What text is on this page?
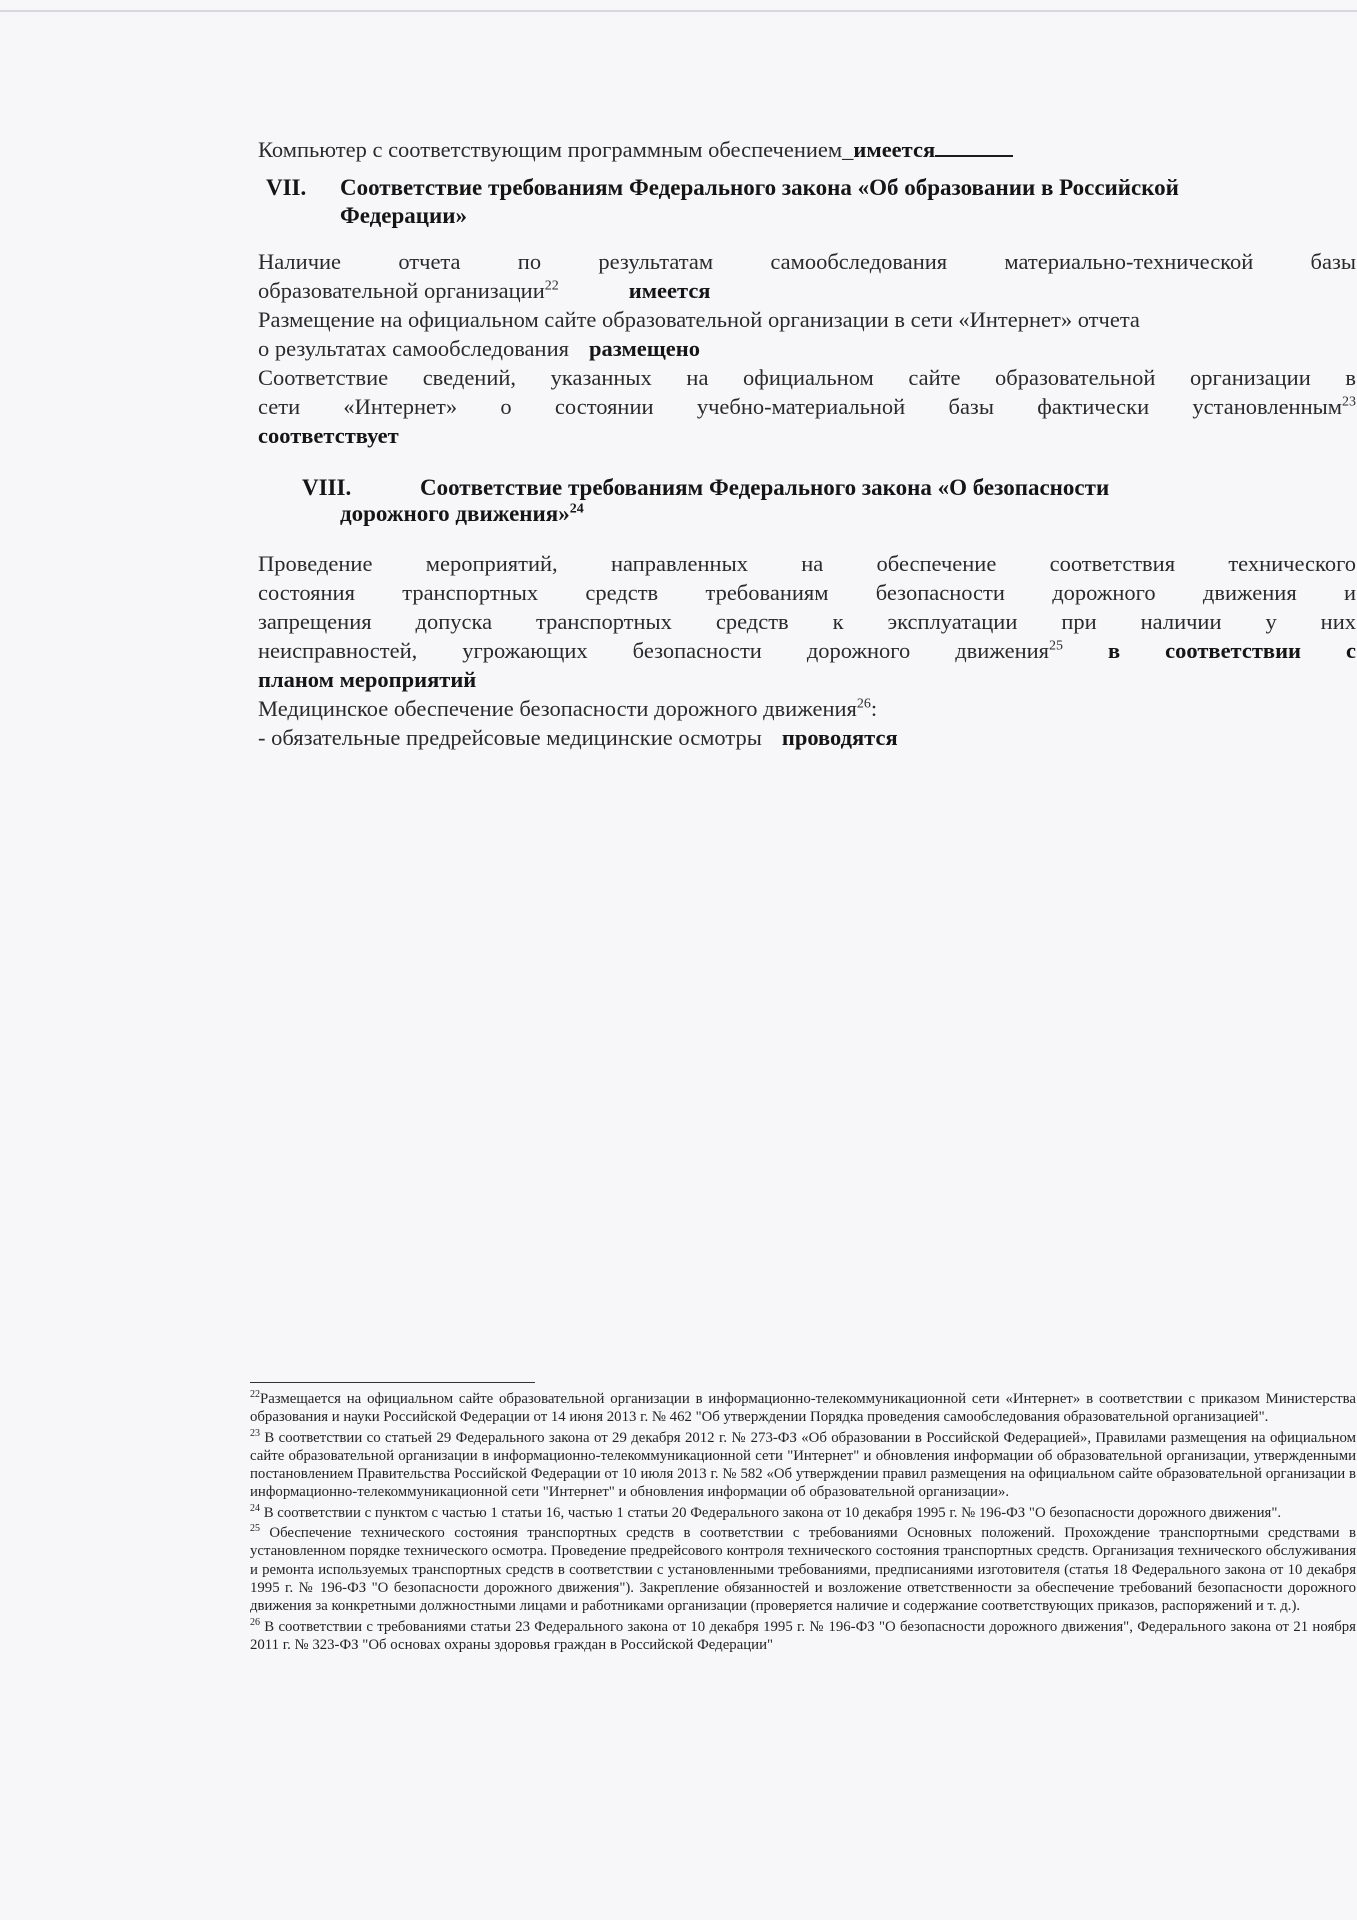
Компьютер с соответствующим программным обеспечением_имеется
VII. Соответствие требованиям Федерального закона «Об образовании в Российской
Федерации»
Наличие отчета по результатам самообследования материально-технической базы
образовательной организации$^{22}$	имеется
Размещение на официальном сайте образовательной организации в сети «Интернет» отчета
о результатах самообследования размещено
Соответствие сведений, указанных на официальном сайте образовательной организации в
сети «Интернет» о состоянии учебно-материальной базы фактически установленным$^{23}$
соответствует
VIII.	Соответствие требованиям Федерального закона «О безопасности
дорожного движения»$^{24}$
Проведение мероприятий, направленных на обеспечение соответствия технического
состояния транспортных средств требованиям безопасности дорожного движения и
запрещения допуска транспортных средств к эксплуатации при наличии у них
неисправностей, угрожающих безопасности дорожного движения$^{25}$ в соответствии с
планом мероприятий
Медицинское обеспечение безопасности дорожного движения$^{26}$:
- обязательные предрейсовые медицинские осмотры проводятся

$^{22}$Размещается на официальном сайте образовательной организации в информационно-телекоммуникационной сети «Интернет» в соответствии с приказом Министерства образования и науки Российской Федерации от 14 июня 2013 г. № 462 "Об утверждении Порядка проведения самообследования образовательной организацией".

$^{23}$ В соответствии со статьей 29 Федерального закона от 29 декабря 2012 г. № 273-ФЗ «Об образовании в Российской Федерацией», Правилами размещения на официальном сайте образовательной организации в информационно-телекоммуникационной сети "Интернет" и обновления информации об образовательной организации, утвержденными постановлением Правительства Российской Федерации от 10 июля 2013 г. № 582 «Об утверждении правил размещения на официальном сайте образовательной организации в информационно-телекоммуникационной сети "Интернет" и обновления информации об образовательной организации».

$^{24}$ В соответствии с пунктом с частью 1 статьи 16, частью 1 статьи 20 Федерального закона от 10 декабря 1995 г. № 196-ФЗ "О безопасности дорожного движения".

$^{25}$ Обеспечение технического состояния транспортных средств в соответствии с требованиями Основных положений. Прохождение транспортными средствами в установленном порядке технического осмотра. Проведение предрейсового контроля технического состояния транспортных средств. Организация технического обслуживания и ремонта используемых транспортных средств в соответствии с установленными требованиями, предписаниями изготовителя (статья 18 Федерального закона от 10 декабря 1995 г. № 196-ФЗ "О безопасности дорожного движения"). Закрепление обязанностей и возложение ответственности за обеспечение требований безопасности дорожного движения за конкретными должностными лицами и работниками организации (проверяется наличие и содержание соответствующих приказов, распоряжений и т. д.).

$^{26}$ В соответствии с требованиями статьи 23 Федерального закона от 10 декабря 1995 г. № 196-ФЗ "О безопасности дорожного движения", Федерального закона от 21 ноября 2011 г. № 323-ФЗ "Об основах охраны здоровья граждан в Российской Федерации"
